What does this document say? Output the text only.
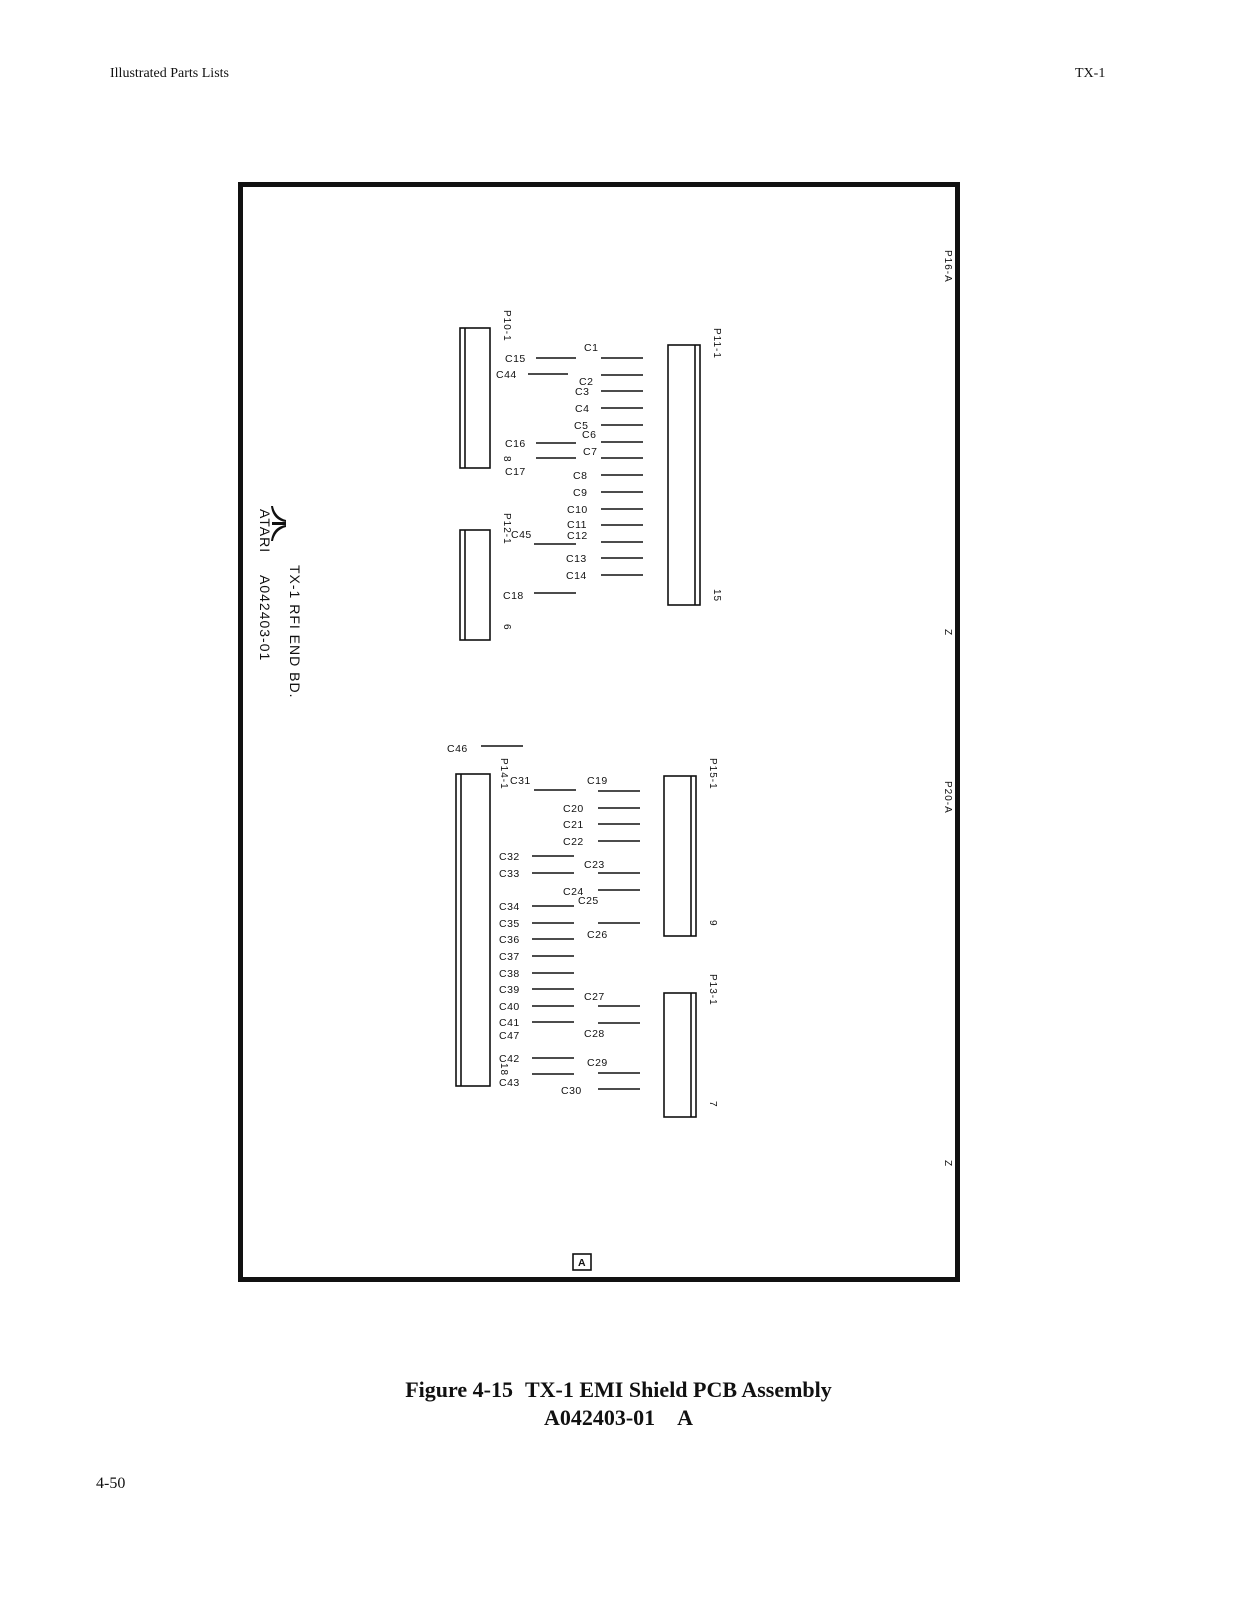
Illustrated Parts Lists	TX-1
C15
C44
C16
C17
C45
C18
C1
C2
C3
C4
C5
C6
C7
C8
C9
C10
C11
C12
C13
C14
C46
C31
C32
C33
C34
C35
C36
C37
C38
C39
C40
C41
C47
C42
C43
C19
C20
C21
C22
C23
C24
C25
C26
C27
C28
C29
C30
P10-1
8
P12-1
6
P11-1
15
P14-1
18
P15-1
9
P13-1
7
P16-A
Z
P20-A
Z
ATARI
TX-1 RFI END BD.
A042403-01
A
Figure 4-15 TX-1 EMI Shield PCB Assembly
A042403-01 A
4-50
